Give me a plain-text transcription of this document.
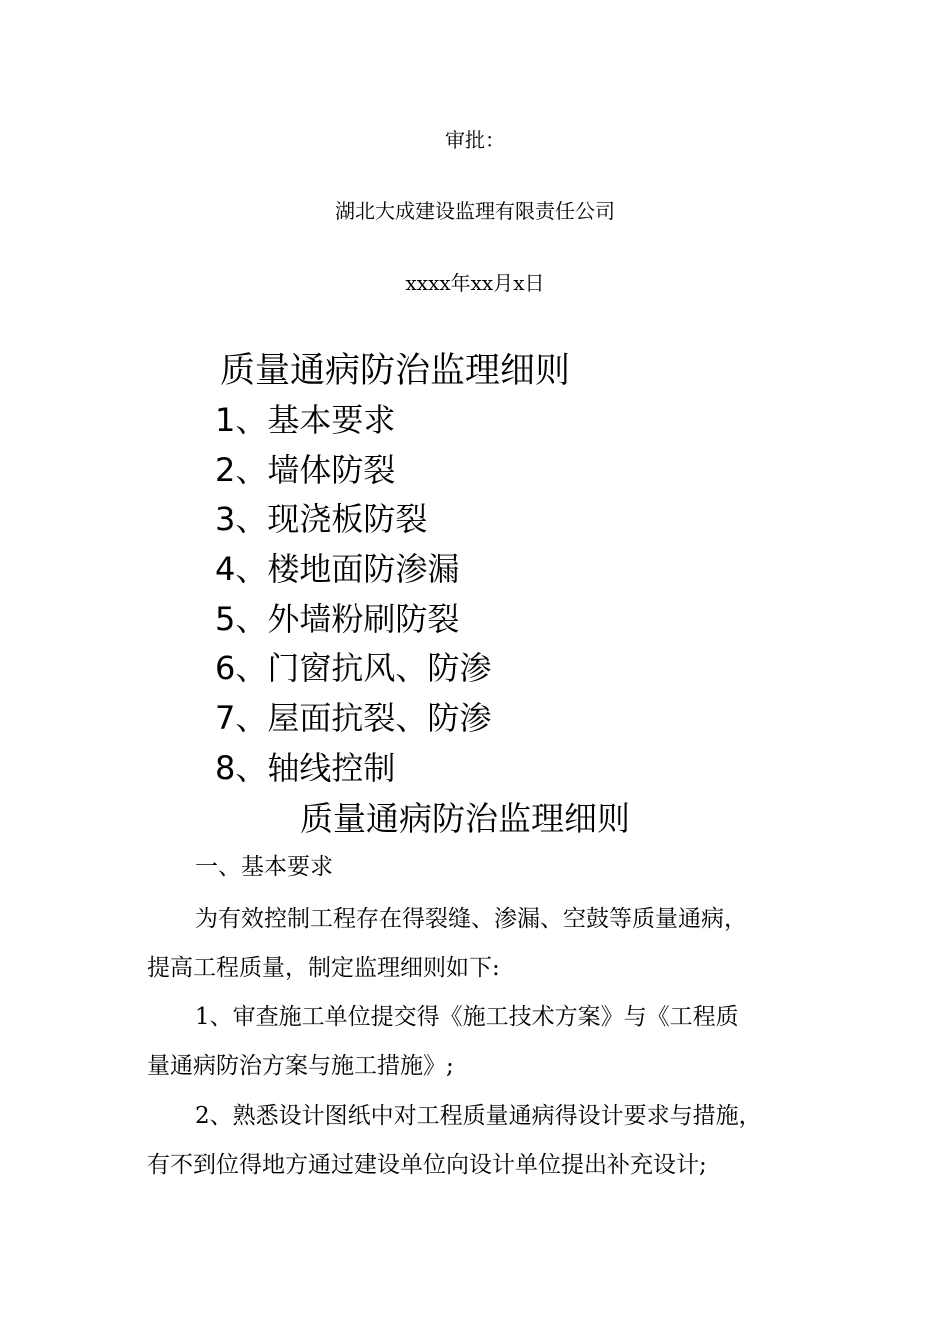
审批：
湖北大成建设监理有限责任公司
xxxx年xx月x日
质量通病防治监理细则
1、基本要求
2、墙体防裂
3、现浇板防裂
4、楼地面防渗漏
5、外墙粉刷防裂
6、门窗抗风、防渗
7、屋面抗裂、防渗
8、轴线控制
质量通病防治监理细则
一、基本要求
为有效控制工程存在得裂缝、渗漏、空鼓等质量通病，
提高工程质量，制定监理细则如下:
1、审查施工单位提交得《施工技术方案》与《工程质
量通病防治方案与施工措施》;
2、熟悉设计图纸中对工程质量通病得设计要求与措施，
有不到位得地方通过建设单位向设计单位提出补充设计;
